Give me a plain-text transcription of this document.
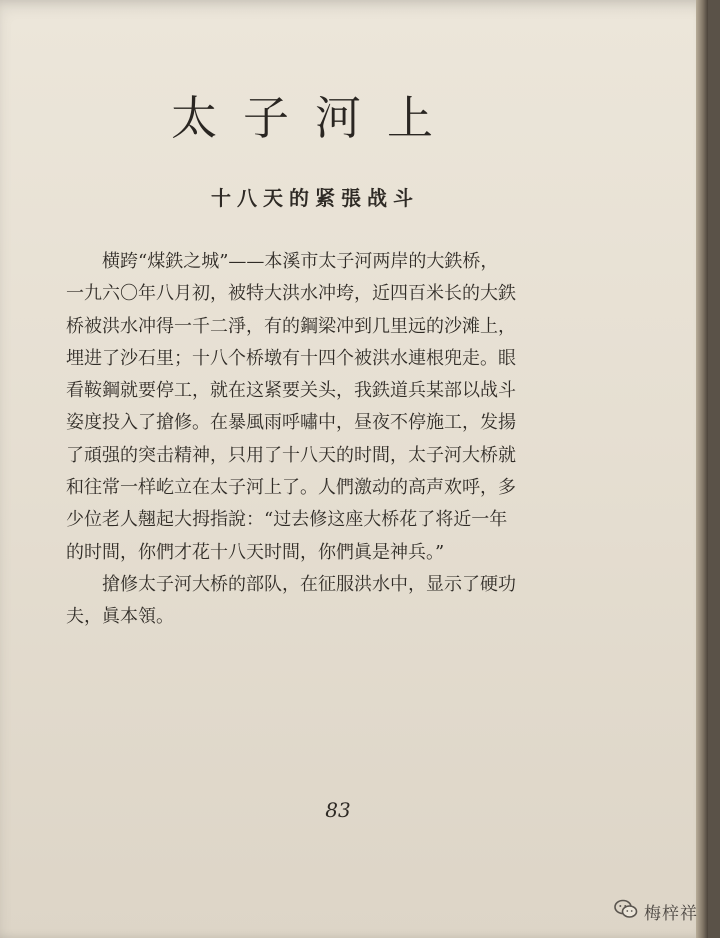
太子河上
十八天的紧張战斗
横跨“煤鉄之城”——本溪市太子河两岸的大鉄桥，
一九六〇年八月初，被特大洪水冲垮，近四百米长的大鉄
桥被洪水冲得一千二淨，有的鋼梁冲到几里远的沙滩上，
埋进了沙石里；十八个桥墩有十四个被洪水連根兜走。眼
看鞍鋼就要停工，就在这紧要关头，我鉄道兵某部以战斗
姿度投入了搶修。在暴風雨呼嘯中，昼夜不停施工，发揚
了頑强的突击精神，只用了十八天的时間，太子河大桥就
和往常一样屹立在太子河上了。人們激动的高声欢呼，多
少位老人翹起大拇指說：“过去修这座大桥花了将近一年
的时間，你們才花十八天时間，你們眞是神兵。”
搶修太子河大桥的部队，在征服洪水中，显示了硬功
夫，眞本領。
83
梅梓祥
